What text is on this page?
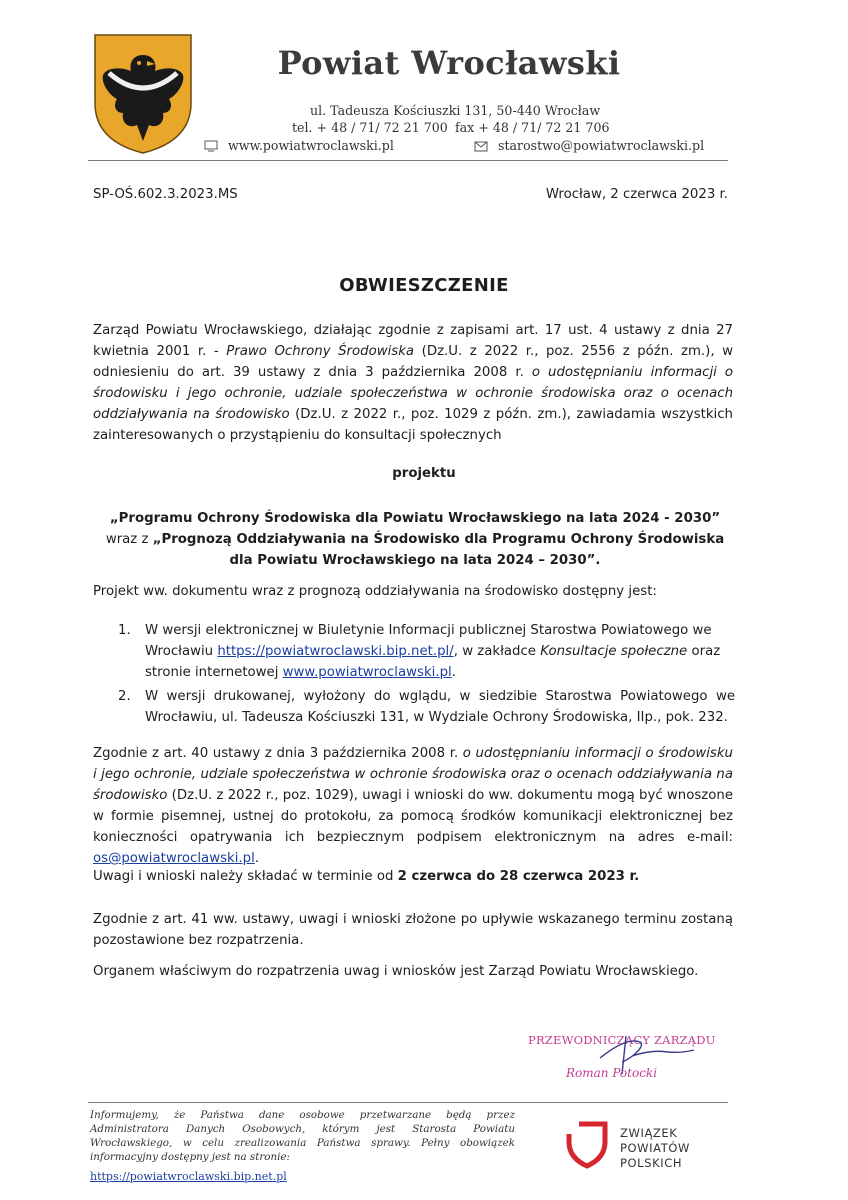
Powiat Wrocławski
ul. Tadeusza Kościuszki 131, 50-440 Wrocław
tel. + 48 / 71/ 72 21 700 fax + 48 / 71/ 72 21 706
www.powiatwroclawski.pl	starostwo@powiatwroclawski.pl
SP-OŚ.602.3.2023.MS	Wrocław, 2 czerwca 2023 r.
OBWIESZCZENIE
Zarząd Powiatu Wrocławskiego, działając zgodnie z zapisami art. 17 ust. 4 ustawy z dnia 27 kwietnia 2001 r. - Prawo Ochrony Środowiska (Dz.U. z 2022 r., poz. 2556 z późn. zm.), w odniesieniu do art. 39 ustawy z dnia 3 października 2008 r. o udostępnianiu informacji o środowisku i jego ochronie, udziale społeczeństwa w ochronie środowiska oraz o ocenach oddziaływania na środowisko (Dz.U. z 2022 r., poz. 1029 z późn. zm.), zawiadamia wszystkich zainteresowanych o przystąpieniu do konsultacji społecznych
projektu
„Programu Ochrony Środowiska dla Powiatu Wrocławskiego na lata 2024 - 2030” wraz z „Prognozą Oddziaływania na Środowisko dla Programu Ochrony Środowiska dla Powiatu Wrocławskiego na lata 2024 – 2030”.
Projekt ww. dokumentu wraz z prognozą oddziaływania na środowisko dostępny jest:
1. W wersji elektronicznej w Biuletynie Informacji publicznej Starostwa Powiatowego we Wrocławiu https://powiatwroclawski.bip.net.pl/, w zakładce Konsultacje społeczne oraz stronie internetowej www.powiatwroclawski.pl.
2. W wersji drukowanej, wyłożony do wglądu, w siedzibie Starostwa Powiatowego we Wrocławiu, ul. Tadeusza Kościuszki 131, w Wydziale Ochrony Środowiska, IIp., pok. 232.
Zgodnie z art. 40 ustawy z dnia 3 października 2008 r. o udostępnianiu informacji o środowisku i jego ochronie, udziale społeczeństwa w ochronie środowiska oraz o ocenach oddziaływania na środowisko (Dz.U. z 2022 r., poz. 1029), uwagi i wnioski do ww. dokumentu mogą być wnoszone w formie pisemnej, ustnej do protokołu, za pomocą środków komunikacji elektronicznej bez konieczności opatrywania ich bezpiecznym podpisem elektronicznym na adres e-mail: os@powiatwroclawski.pl.
Uwagi i wnioski należy składać w terminie od 2 czerwca do 28 czerwca 2023 r.
Zgodnie z art. 41 ww. ustawy, uwagi i wnioski złożone po upływie wskazanego terminu zostaną pozostawione bez rozpatrzenia.
Organem właściwym do rozpatrzenia uwag i wniosków jest Zarząd Powiatu Wrocławskiego.
PRZEWODNICZĄCY ZARZĄDU
Roman Potocki
Informujemy, że Państwa dane osobowe przetwarzane będą przez Administratora Danych Osobowych, którym jest Starosta Powiatu Wrocławskiego, w celu zrealizowania Państwa sprawy. Pełny obowiązek informacyjny dostępny jest na stronie:
https://powiatwroclawski.bip.net.pl
ZWIĄZEK
POWIATÓW
POLSKICH
